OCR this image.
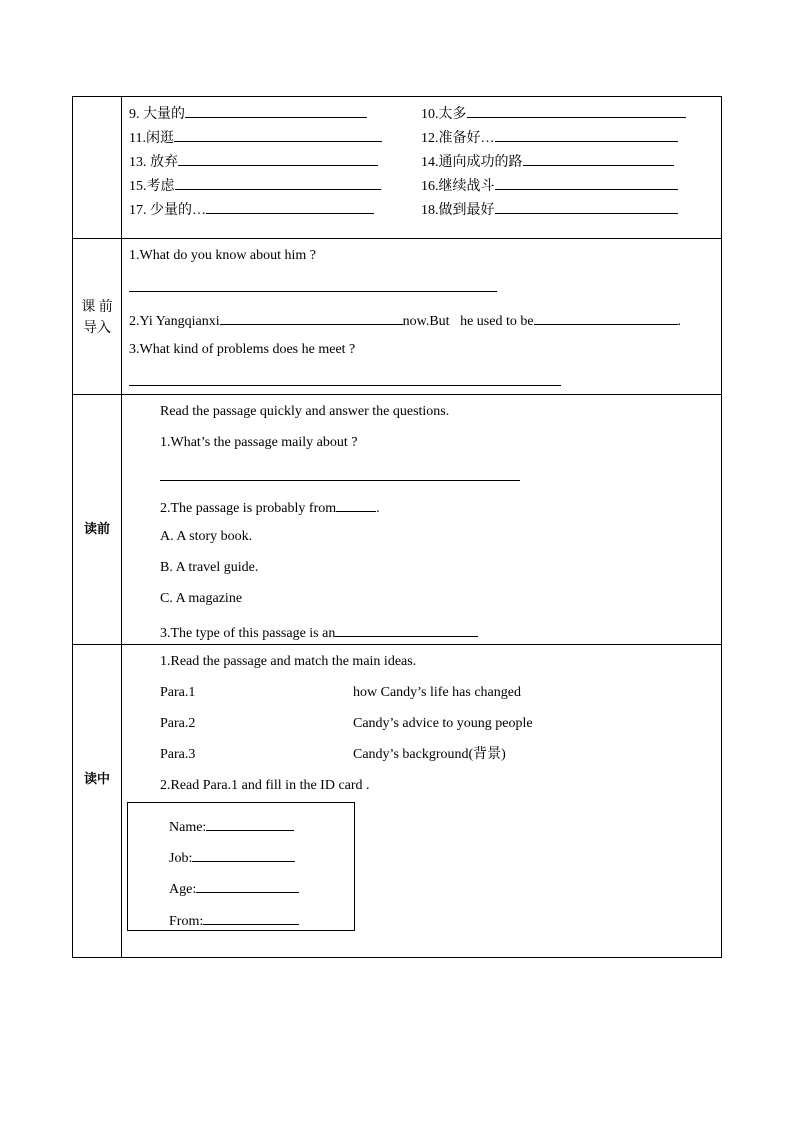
9. 大量的	10.太多
11.闲逛	12.准备好…
13. 放弃	14.通向成功的路
15.考虑	16.继续战斗
17. 少量的…	18.做到最好
课 前
导入
1.What do you know about him ?
2.Yi Yangqianxi	now.But he used to be	.
3.What kind of problems does he meet ?
读前
Read the passage quickly and answer the questions.
1.What’s the passage maily about ?
2.The passage is probably from	.
A. A story book.
B. A travel guide.
C. A magazine
3.The type of this passage is an
读中
1.Read the passage and match the main ideas.
Para.1	how Candy’s life has changed
Para.2	Candy’s advice to young people
Para.3	Candy’s background(背景)
2.Read Para.1 and fill in the ID card .
Name:
Job:
Age:
From:
